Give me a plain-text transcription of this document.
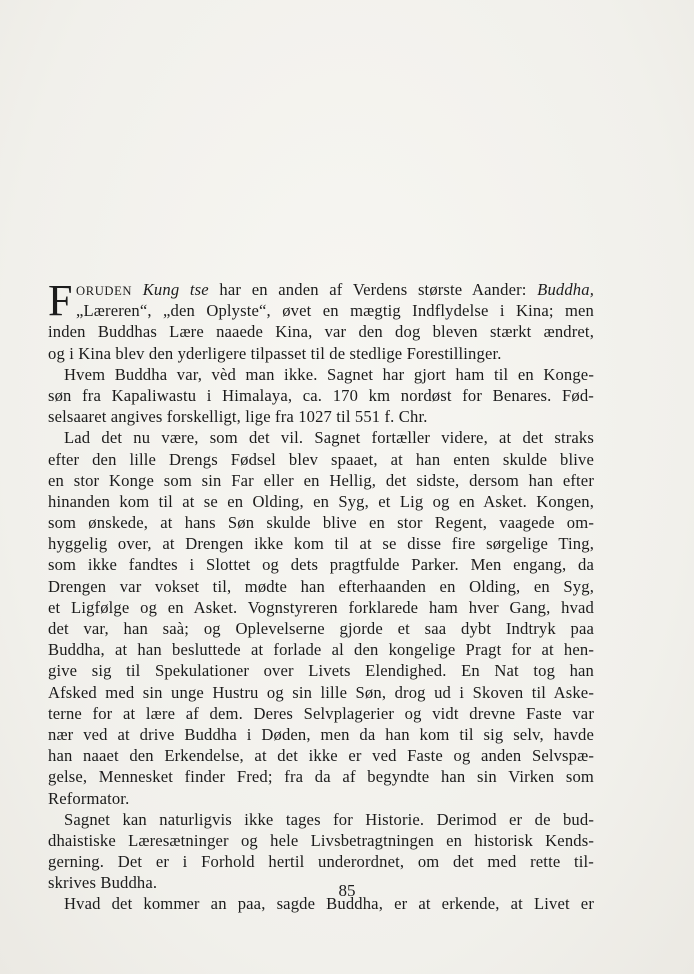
F ORUDEN Kung tse har en anden af Verdens største Aander: Buddha,
„Læreren“, „den Oplyste“, øvet en mægtig Indflydelse i Kina; men
inden Buddhas Lære naaede Kina, var den dog bleven stærkt ændret,
og i Kina blev den yderligere tilpasset til de stedlige Forestillinger.
Hvem Buddha var, vèd man ikke. Sagnet har gjort ham til en Konge-
søn fra Kapaliwastu i Himalaya, ca. 170 km nordøst for Benares. Fød-
selsaaret angives forskelligt, lige fra 1027 til 551 f. Chr.
Lad det nu være, som det vil. Sagnet fortæller videre, at det straks
efter den lille Drengs Fødsel blev spaaet, at han enten skulde blive
en stor Konge som sin Far eller en Hellig, det sidste, dersom han efter
hinanden kom til at se en Olding, en Syg, et Lig og en Asket. Kongen,
som ønskede, at hans Søn skulde blive en stor Regent, vaagede om-
hyggelig over, at Drengen ikke kom til at se disse fire sørgelige Ting,
som ikke fandtes i Slottet og dets pragtfulde Parker. Men engang, da
Drengen var vokset til, mødte han efterhaanden en Olding, en Syg,
et Ligfølge og en Asket. Vognstyreren forklarede ham hver Gang, hvad
det var, han saà; og Oplevelserne gjorde et saa dybt Indtryk paa
Buddha, at han besluttede at forlade al den kongelige Pragt for at hen-
give sig til Spekulationer over Livets Elendighed. En Nat tog han
Afsked med sin unge Hustru og sin lille Søn, drog ud i Skoven til Aske-
terne for at lære af dem. Deres Selvplagerier og vidt drevne Faste var
nær ved at drive Buddha i Døden, men da han kom til sig selv, havde
han naaet den Erkendelse, at det ikke er ved Faste og anden Selvspæ-
gelse, Mennesket finder Fred; fra da af begyndte han sin Virken som
Reformator.
Sagnet kan naturligvis ikke tages for Historie. Derimod er de bud-
dhaistiske Læresætninger og hele Livsbetragtningen en historisk Kends-
gerning. Det er i Forhold hertil underordnet, om det med rette til-
skrives Buddha.
Hvad det kommer an paa, sagde Buddha, er at erkende, at Livet er
85
